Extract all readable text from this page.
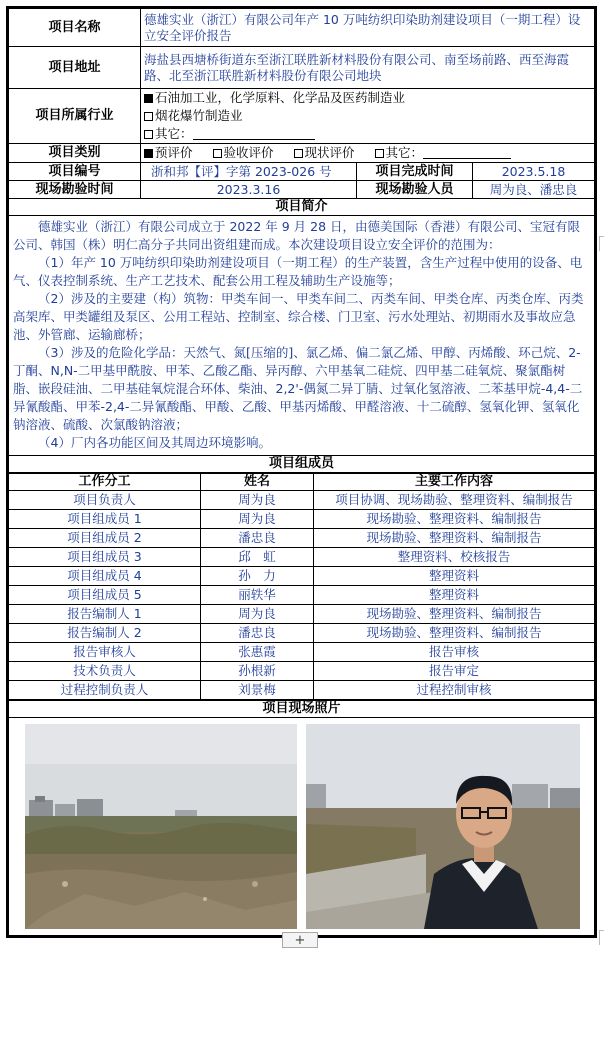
项目名称	德雄实业（浙江）有限公司年产 10 万吨纺织印染助剂建设项目（一期工程）设立安全评价报告		
项目地址	海盐县西塘桥街道东至浙江联胜新材料股份有限公司、南至场前路、西至海霞路、北至浙江联胜新材料股份有限公司地块		
项目所属行业	石油加工业，化学原料、化学品及医药制造业
烟花爆竹制造业
其它：		

项目类别	预评价 验收评价 现状评价 其它：		
项目编号	浙和邦【评】字第 2023-026 号	项目完成时间	2023.5.18
现场勘验时间	2023.3.16	现场勘验人员	周为良、潘忠良
项目简介			

德雄实业（浙江）有限公司成立于 2022 年 9 月 28 日，由德美国际（香港）有限公司、宝冠有限公司、韩国（株）明仁高分子共同出资组建而成。本次建设项目设立安全评价的范围为：

（1）年产 10 万吨纺织印染助剂建设项目（一期工程）的生产装置，含生产过程中使用的设备、电气、仪表控制系统、生产工艺技术、配套公用工程及辅助生产设施等；

（2）涉及的主要建（构）筑物：甲类车间一、甲类车间二、丙类车间、甲类仓库、丙类仓库、丙类高架库、甲类罐组及泵区、公用工程站、控制室、综合楼、门卫室、污水处理站、初期雨水及事故应急池、外管廊、运输廊桥；

（3）涉及的危险化学品：天然气、氮[压缩的]、氯乙烯、偏二氯乙烯、甲醇、丙烯酸、环己烷、2-丁酮、N,N-二甲基甲酰胺、甲苯、乙酸乙酯、异丙醇、六甲基氧二硅烷、四甲基二硅氧烷、聚氯酯树脂、嵌段硅油、二甲基硅氧烷混合环体、柴油、2,2'-偶氮二异丁腈、过氧化氢溶液、二苯基甲烷-4,4-二异氰酸酯、甲苯-2,4-二异氰酸酯、甲酸、乙酸、甲基丙烯酸、甲醛溶液、十二硫醇、氢氧化钾、氢氧化钠溶液、硫酸、次氯酸钠溶液；

（4）厂内各功能区间及其周边环境影响。			

项目组成员			
工作分工	姓名	主要工作内容
项目负责人	周为良	项目协调、现场勘验、整理资料、编制报告
项目组成员 1	周为良	现场勘验、整理资料、编制报告
项目组成员 2	潘忠良	现场勘验、整理资料、编制报告
项目组成员 3	邱　虹	整理资料、校核报告
项目组成员 4	孙　力	整理资料
项目组成员 5	丽轶华	整理资料
报告编制人 1	周为良	现场勘验、整理资料、编制报告
报告编制人 2	潘忠良	现场勘验、整理资料、编制报告
报告审核人	张惠霞	报告审核
技术负责人	孙根新	报告审定
过程控制负责人	刘景梅	过程控制审核
项目现场照片

+
